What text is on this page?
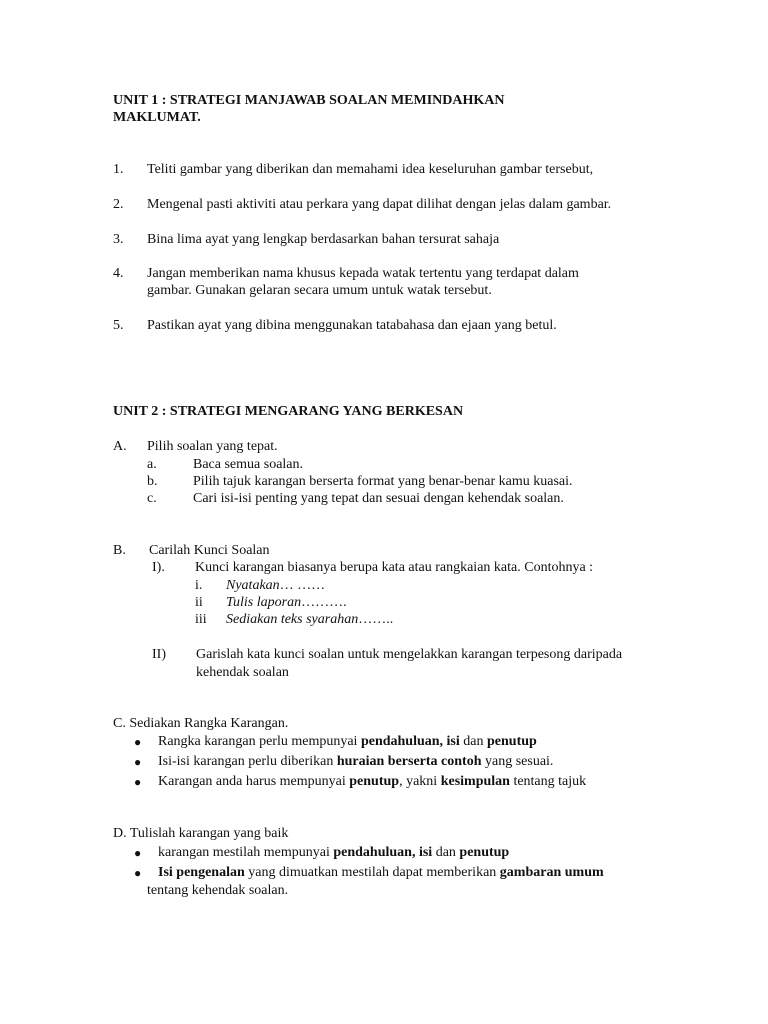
UNIT 1 : STRATEGI MANJAWAB SOALAN MEMINDAHKAN
MAKLUMAT.
1. Teliti gambar yang diberikan dan memahami idea keseluruhan gambar tersebut,
2. Mengenal pasti aktiviti atau perkara yang dapat dilihat dengan jelas dalam gambar.
3. Bina lima ayat yang lengkap berdasarkan bahan tersurat sahaja
4. Jangan memberikan nama khusus kepada watak tertentu yang terdapat dalam
gambar. Gunakan gelaran secara umum untuk watak tersebut.
5. Pastikan ayat yang dibina menggunakan tatabahasa dan ejaan yang betul.
UNIT 2 : STRATEGI MENGARANG YANG BERKESAN
A. Pilih soalan yang tepat.
a.	Baca semua soalan.
b.	Pilih tajuk karangan berserta format yang benar-benar kamu kuasai.
c.	Cari isi-isi penting yang tepat dan sesuai dengan kehendak soalan.
B. Carilah Kunci Soalan
I). Kunci karangan biasanya berupa kata atau rangkaian kata. Contohnya :
i. Nyatakan… ……
ii Tulis laporan……….
iii Sediakan teks syarahan……..
II) Garislah kata kunci soalan untuk mengelakkan karangan terpesong daripada
kehendak soalan
C. Sediakan Rangka Karangan.
● Rangka karangan perlu mempunyai pendahuluan, isi dan penutup
● Isi-isi karangan perlu diberikan huraian berserta contoh yang sesuai.
● Karangan anda harus mempunyai penutup, yakni kesimpulan tentang tajuk
D. Tulislah karangan yang baik
● karangan mestilah mempunyai pendahuluan, isi dan penutup
● Isi pengenalan yang dimuatkan mestilah dapat memberikan gambaran umum
tentang kehendak soalan.
